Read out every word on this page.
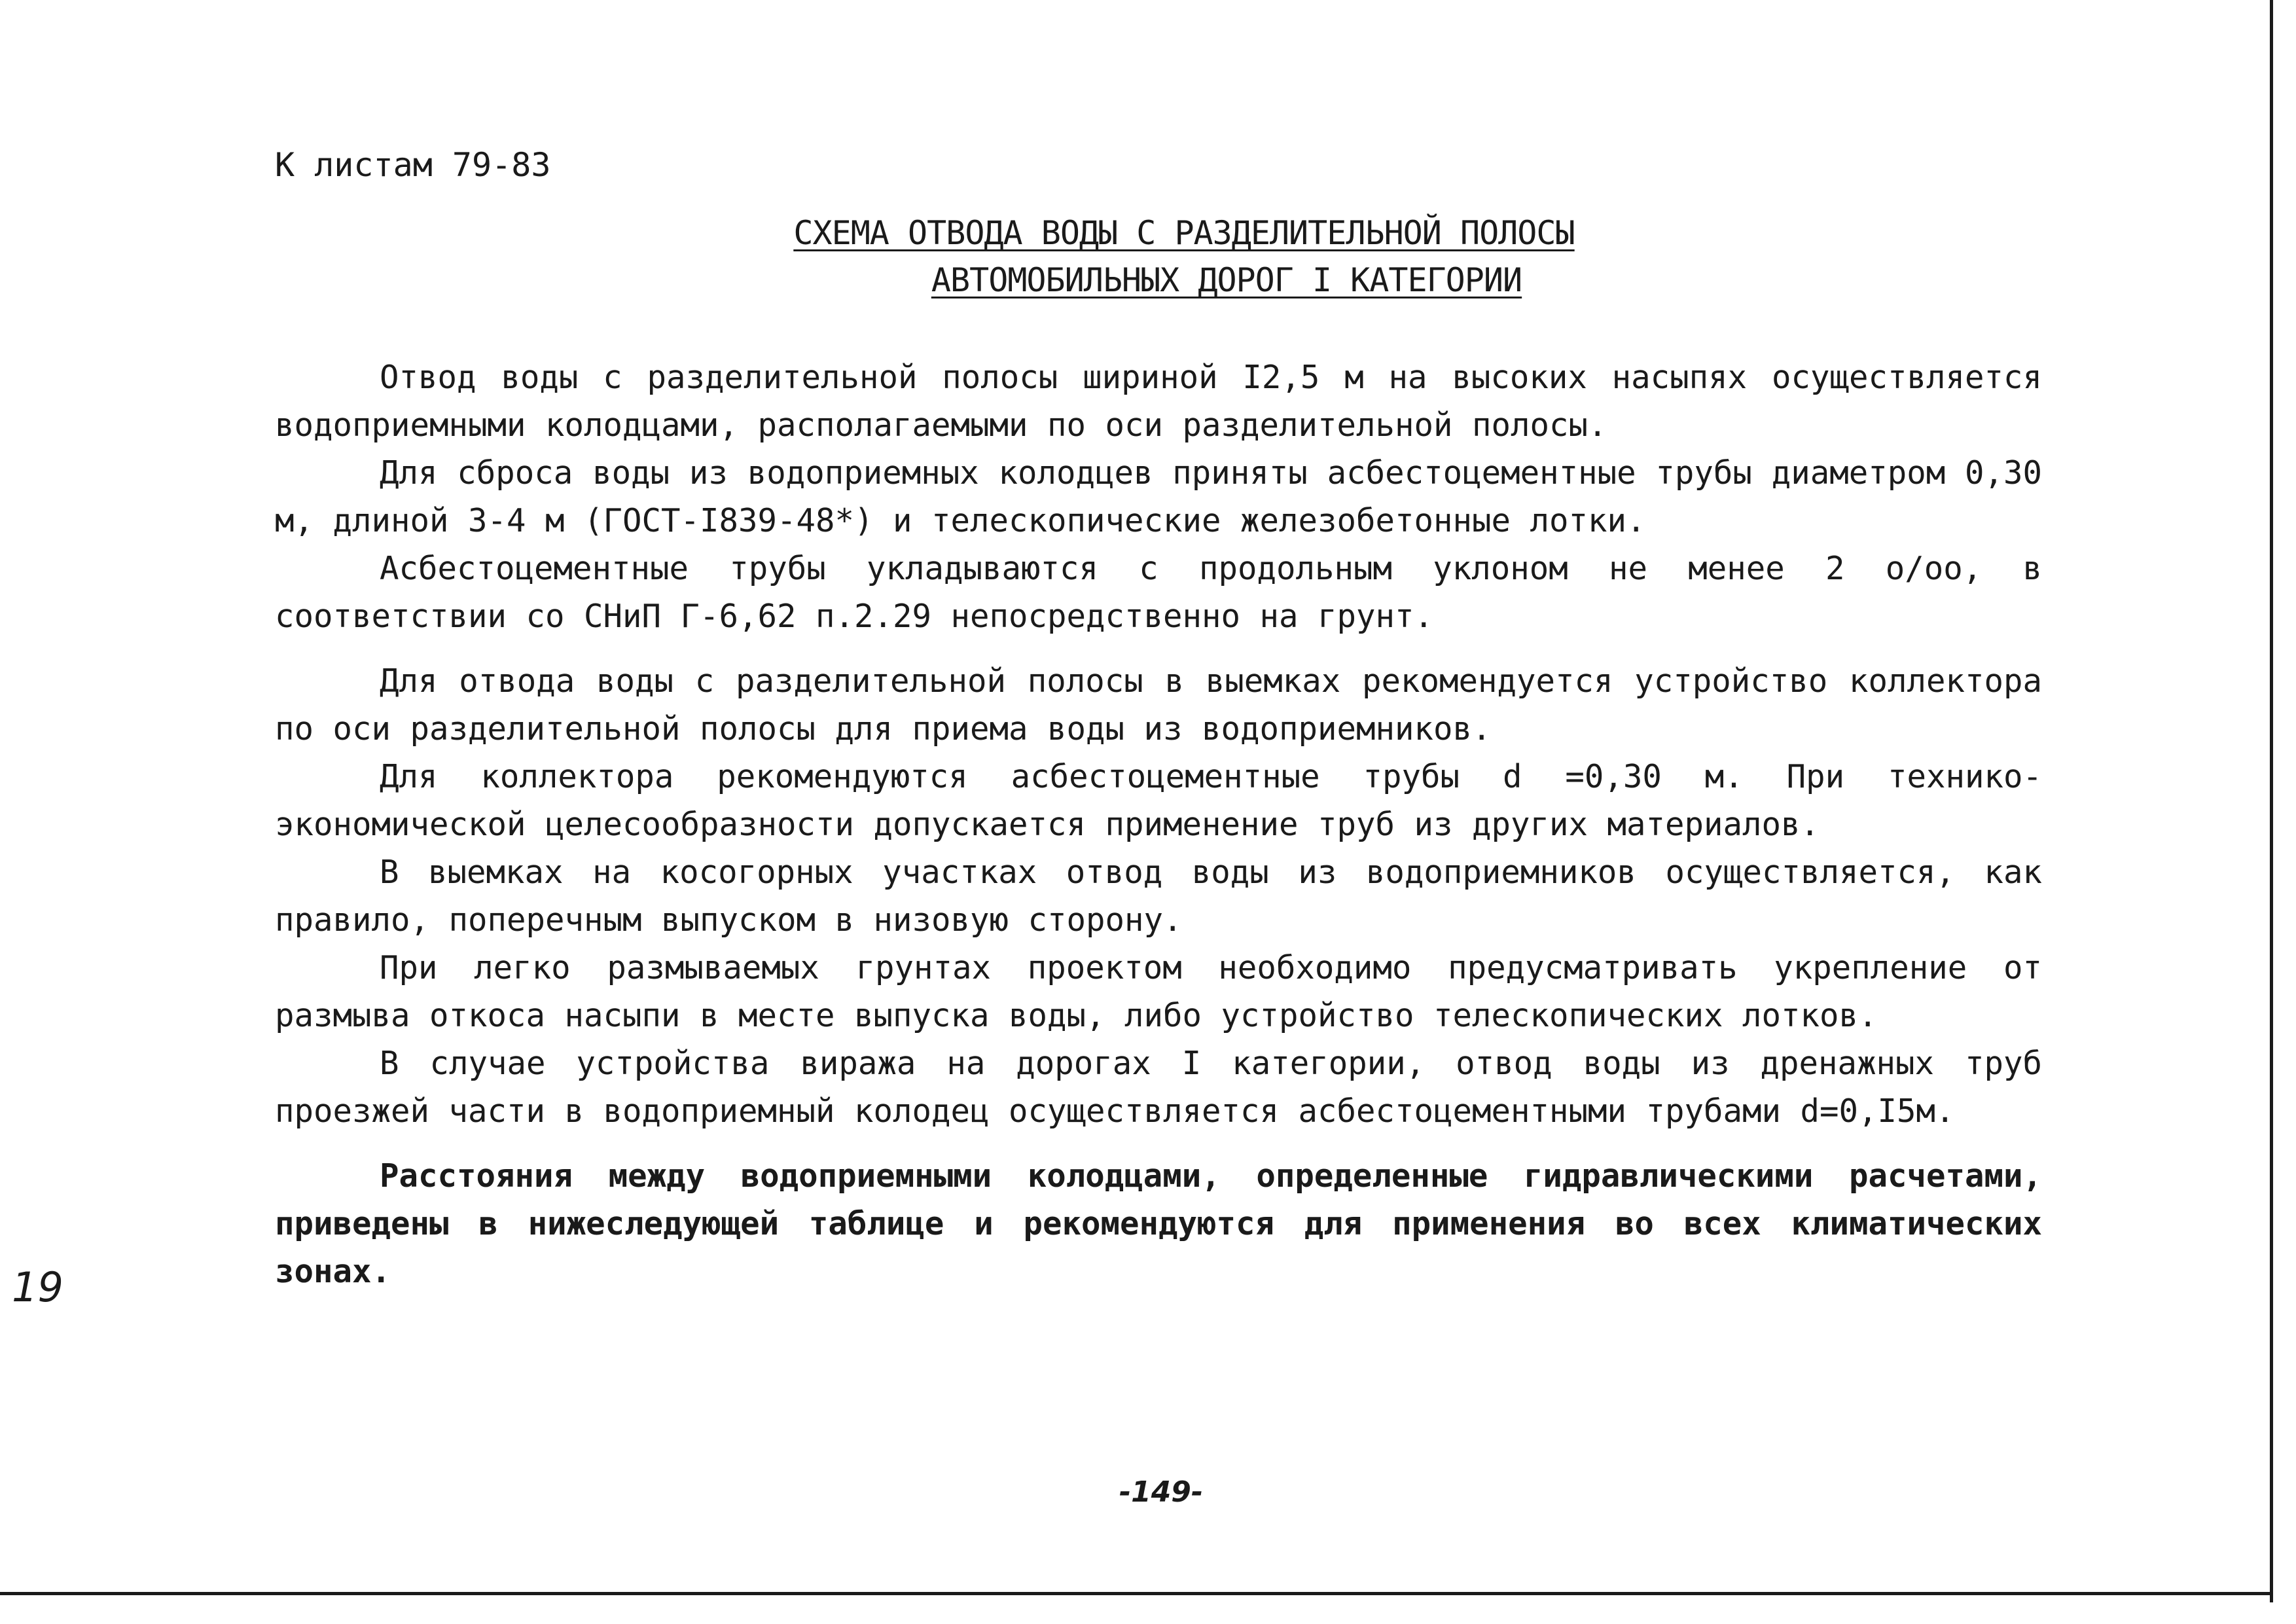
К листам 79-83
СХЕМА ОТВОДА ВОДЫ С РАЗДЕЛИТЕЛЬНОЙ ПОЛОСЫ
АВТОМОБИЛЬНЫХ ДОРОГ I КАТЕГОРИИ

Отвод воды с разделительной полосы шириной I2,5 м на высоких насыпях осуществляется водоприемными колодцами, располагаемыми по оси разделительной полосы.

Для сброса воды из водоприемных колодцев приняты асбестоцементные трубы диаметром 0,30 м, длиной 3-4 м (ГОСТ-I839-48*) и телескопические железобетонные лотки.

Асбестоцементные трубы укладываются с продольным уклоном не менее 2 о/оо, в соответствии со СНиП Г-6,62 п.2.29 непосредственно на грунт.

Для отвода воды с разделительной полосы в выемках рекомендуется устройство коллектора по оси разделительной полосы для приема воды из водоприемников.

Для коллектора рекомендуются асбестоцементные трубы d =0,30 м. При технико-экономической целесообразности допускается применение труб из других материалов.

В выемках на косогорных участках отвод воды из водоприемников осуществляется, как правило, поперечным выпуском в низовую сторону.

При легко размываемых грунтах проектом необходимо предусматривать укрепление от размыва откоса насыпи в месте выпуска воды, либо устройство телескопических лотков.

В случае устройства виража на дорогах I категории, отвод воды из дренажных труб проезжей части в водоприемный колодец осуществляется асбестоцементными трубами d=0,I5м.

Расстояния между водоприемными колодцами, определенные гидравлическими расчетами, приведены в нижеследующей таблице и рекомендуются для применения во всех климатических зонах.

19
-149-
